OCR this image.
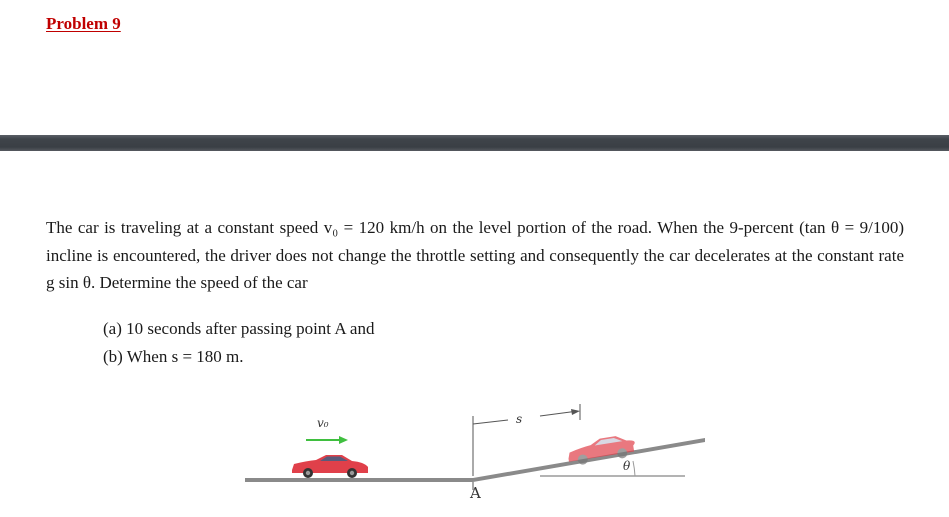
Problem 9

The car is traveling at a constant speed v₀ = 120 km/h on the level portion of the road. When the 9-percent (tan θ = 9/100) incline is encountered, the driver does not change the throttle setting and consequently the car decelerates at the constant rate g sin θ. Determine the speed of the car

(a) 10 seconds after passing point A and

(b) When s = 180 m.

v₀	s
θ
A
